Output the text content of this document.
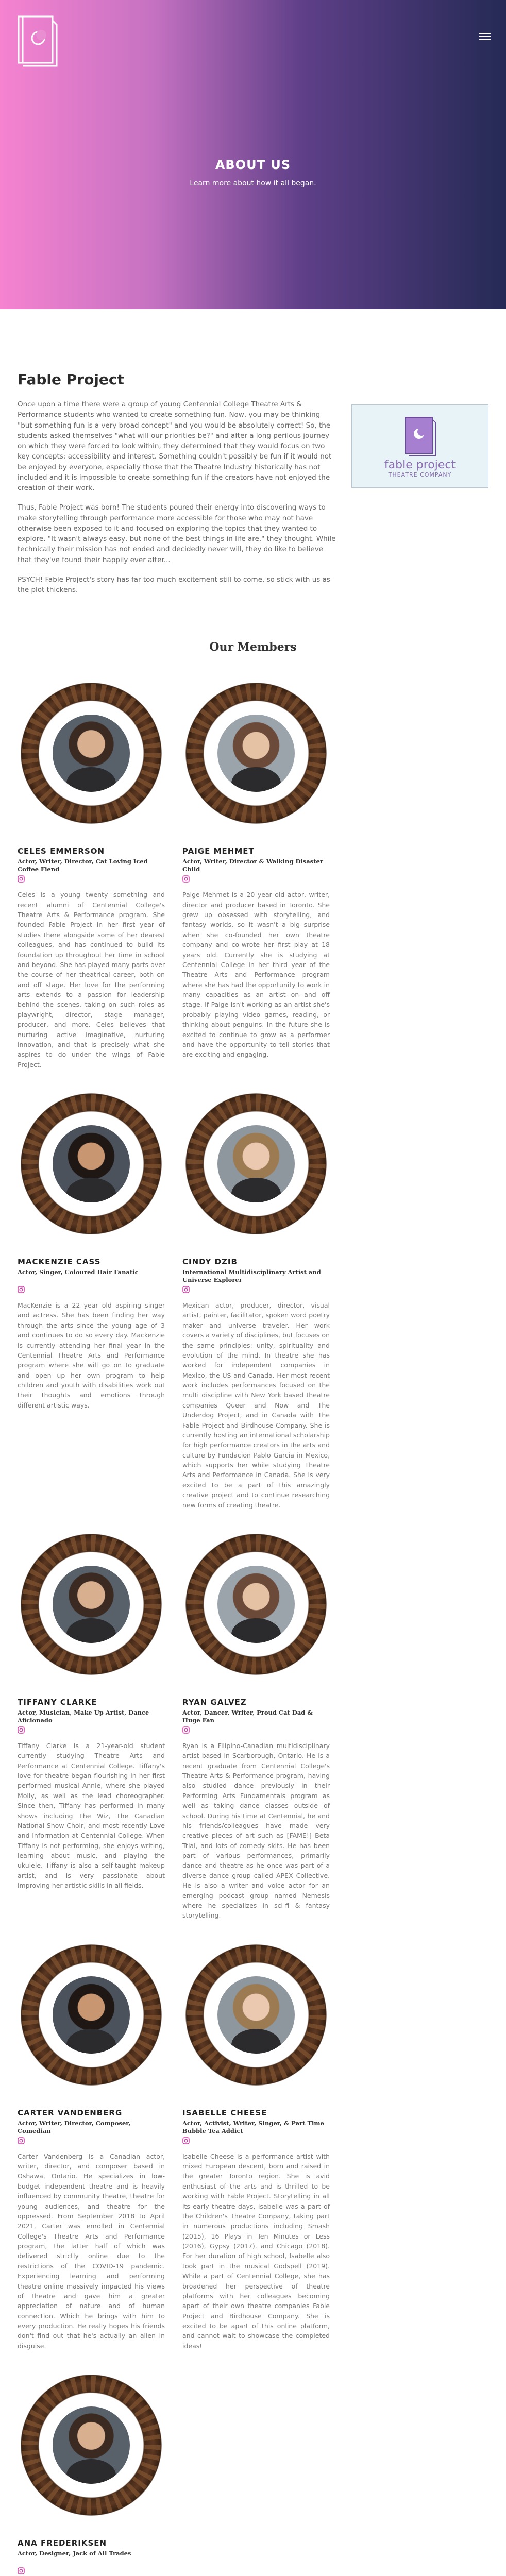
ABOUT US

Learn more about how it all began.

Fable Project

Once upon a time there were a group of young Centennial College Theatre Arts & Performance students who wanted to create something fun. Now, you may be thinking "but something fun is a very broad concept" and you would be absolutely correct! So, the students asked themselves "what will our priorities be?" and after a long perilous journey on which they were forced to look within, they determined that they would focus on two key concepts: accessibility and interest. Something couldn't possibly be fun if it would not be enjoyed by everyone, especially those that the Theatre Industry historically has not included and it is impossible to create something fun if the creators have not enjoyed the creation of their work.

Thus, Fable Project was born! The students poured their energy into discovering ways to make storytelling through performance more accessible for those who may not have otherwise been exposed to it and focused on exploring the topics that they wanted to explore. "It wasn't always easy, but none of the best things in life are," they thought. While technically their mission has not ended and decidedly never will, they do like to believe that they've found their happily ever after...

PSYCH! Fable Project's story has far too much excitement still to come, so stick with us as the plot thickens.

fable project
THEATRE COMPANY
Our Members
CELES EMMERSON
Actor, Writer, Director, Cat Loving Iced Coffee Fiend

Celes is a young twenty something and recent alumni of Centennial College's Theatre Arts & Performance program. She founded Fable Project in her first year of studies there alongside some of her dearest colleagues, and has continued to build its foundation up throughout her time in school and beyond. She has played many parts over the course of her theatrical career, both on and off stage. Her love for the performing arts extends to a passion for leadership behind the scenes, taking on such roles as playwright, director, stage manager, producer, and more. Celes believes that nurturing active imaginative, nurturing innovation, and that is precisely what she aspires to do under the wings of Fable Project.

PAIGE MEHMET
Actor, Writer, Director & Walking Disaster Child

Paige Mehmet is a 20 year old actor, writer, director and producer based in Toronto. She grew up obsessed with storytelling, and fantasy worlds, so it wasn't a big surprise when she co-founded her own theatre company and co-wrote her first play at 18 years old. Currently she is studying at Centennial College in her third year of the Theatre Arts and Performance program where she has had the opportunity to work in many capacities as an artist on and off stage. If Paige isn't working as an artist she's probably playing video games, reading, or thinking about penguins. In the future she is excited to continue to grow as a performer and have the opportunity to tell stories that are exciting and engaging.

MACKENZIE CASS
Actor, Singer, Coloured Hair Fanatic

MacKenzie is a 22 year old aspiring singer and actress. She has been finding her way through the arts since the young age of 3 and continues to do so every day. Mackenzie is currently attending her final year in the Centennial Theatre Arts and Performance program where she will go on to graduate and open up her own program to help children and youth with disabilities work out their thoughts and emotions through different artistic ways.

CINDY DZIB
International Multidisciplinary Artist and Universe Explorer

Mexican actor, producer, director, visual artist, painter, facilitator, spoken word poetry maker and universe traveler. Her work covers a variety of disciplines, but focuses on the same principles: unity, spirituality and evolution of the mind. In theatre she has worked for independent companies in Mexico, the US and Canada. Her most recent work includes performances focused on the multi discipline with New York based theatre companies Queer and Now and The Underdog Project, and in Canada with The Fable Project and Birdhouse Company. She is currently hosting an international scholarship for high performance creators in the arts and culture by Fundacion Pablo Garcia in Mexico, which supports her while studying Theatre Arts and Performance in Canada. She is very excited to be a part of this amazingly creative project and to continue researching new forms of creating theatre.

TIFFANY CLARKE
Actor, Musician, Make Up Artist, Dance Aficionado

Tiffany Clarke is a 21-year-old student currently studying Theatre Arts and Performance at Centennial College. Tiffany's love for theatre began flourishing in her first performed musical Annie, where she played Molly, as well as the lead choreographer. Since then, Tiffany has performed in many shows including The Wiz, The Canadian National Show Choir, and most recently Love and Information at Centennial College. When Tiffany is not performing, she enjoys writing, learning about music, and playing the ukulele. Tiffany is also a self-taught makeup artist, and is very passionate about improving her artistic skills in all fields.

RYAN GALVEZ
Actor, Dancer, Writer, Proud Cat Dad & Huge Fan

Ryan is a Filipino-Canadian multidisciplinary artist based in Scarborough, Ontario. He is a recent graduate from Centennial College's Theatre Arts & Performance program, having also studied dance previously in their Performing Arts Fundamentals program as well as taking dance classes outside of school. During his time at Centennial, he and his friends/colleagues have made very creative pieces of art such as [FAME!] Beta Trial, and lots of comedy skits. He has been part of various performances, primarily dance and theatre as he once was part of a diverse dance group called APEX Collective. He is also a writer and voice actor for an emerging podcast group named Nemesis where he specializes in sci-fi & fantasy storytelling.

CARTER VANDENBERG
Actor, Writer, Director, Composer, Comedian

Carter Vandenberg is a Canadian actor, writer, director, and composer based in Oshawa, Ontario. He specializes in low-budget independent theatre and is heavily influenced by community theatre, theatre for young audiences, and theatre for the oppressed. From September 2018 to April 2021, Carter was enrolled in Centennial College's Theatre Arts and Performance program, the latter half of which was delivered strictly online due to the restrictions of the COVID-19 pandemic. Experiencing learning and performing theatre online massively impacted his views of theatre and gave him a greater appreciation of nature and of human connection. Which he brings with him to every production. He really hopes his friends don't find out that he's actually an alien in disguise.

ISABELLE CHEESE
Actor, Activist, Writer, Singer, & Part Time Bubble Tea Addict

Isabelle Cheese is a performance artist with mixed European descent, born and raised in the greater Toronto region. She is avid enthusiast of the arts and is thrilled to be working with Fable Project. Storytelling in all its early theatre days, Isabelle was a part of the Children's Theatre Company, taking part in numerous productions including Smash (2015), 16 Plays in Ten Minutes or Less (2016), Gypsy (2017), and Chicago (2018). For her duration of high school, Isabelle also took part in the musical Godspell (2019). While a part of Centennial College, she has broadened her perspective of theatre platforms with her colleagues becoming apart of their own theatre companies Fable Project and Birdhouse Company. She is excited to be apart of this online platform, and cannot wait to showcase the completed ideas!

ANA FREDERIKSEN
Actor, Designer, Jack of All Trades
